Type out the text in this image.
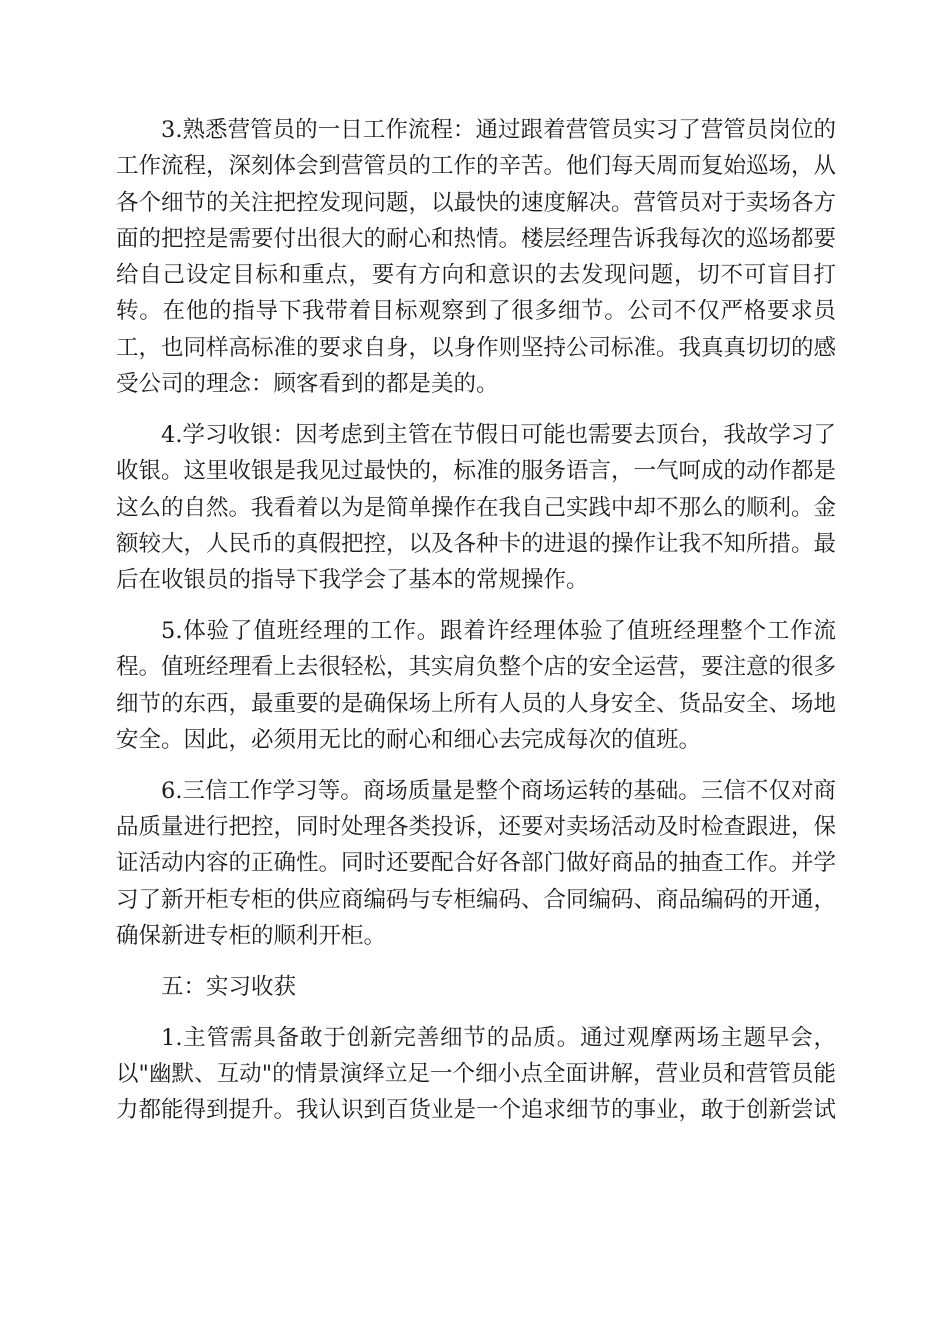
3.熟悉营管员的一日工作流程：通过跟着营管员实习了营管员岗位的工作流程，深刻体会到营管员的工作的辛苦。他们每天周而复始巡场，从各个细节的关注把控发现问题，以最快的速度解决。营管员对于卖场各方面的把控是需要付出很大的耐心和热情。楼层经理告诉我每次的巡场都要给自己设定目标和重点，要有方向和意识的去发现问题，切不可盲目打转。在他的指导下我带着目标观察到了很多细节。公司不仅严格要求员工，也同样高标准的要求自身，以身作则坚持公司标准。我真真切切的感受公司的理念：顾客看到的都是美的。

4.学习收银：因考虑到主管在节假日可能也需要去顶台，我故学习了收银。这里收银是我见过最快的，标准的服务语言，一气呵成的动作都是这么的自然。我看着以为是简单操作在我自己实践中却不那么的顺利。金额较大，人民币的真假把控，以及各种卡的进退的操作让我不知所措。最后在收银员的指导下我学会了基本的常规操作。

5.体验了值班经理的工作。跟着许经理体验了值班经理整个工作流程。值班经理看上去很轻松，其实肩负整个店的安全运营，要注意的很多细节的东西，最重要的是确保场上所有人员的人身安全、货品安全、场地安全。因此，必须用无比的耐心和细心去完成每次的值班。

6.三信工作学习等。商场质量是整个商场运转的基础。三信不仅对商品质量进行把控，同时处理各类投诉，还要对卖场活动及时检查跟进，保证活动内容的正确性。同时还要配合好各部门做好商品的抽查工作。并学习了新开柜专柜的供应商编码与专柜编码、合同编码、商品编码的开通，确保新进专柜的顺利开柜。

五：实习收获

1.主管需具备敢于创新完善细节的品质。通过观摩两场主题早会，以"幽默、互动"的情景演绎立足一个细小点全面讲解，营业员和营管员能力都能得到提升。我认识到百货业是一个追求细节的事业，敢于创新尝试
